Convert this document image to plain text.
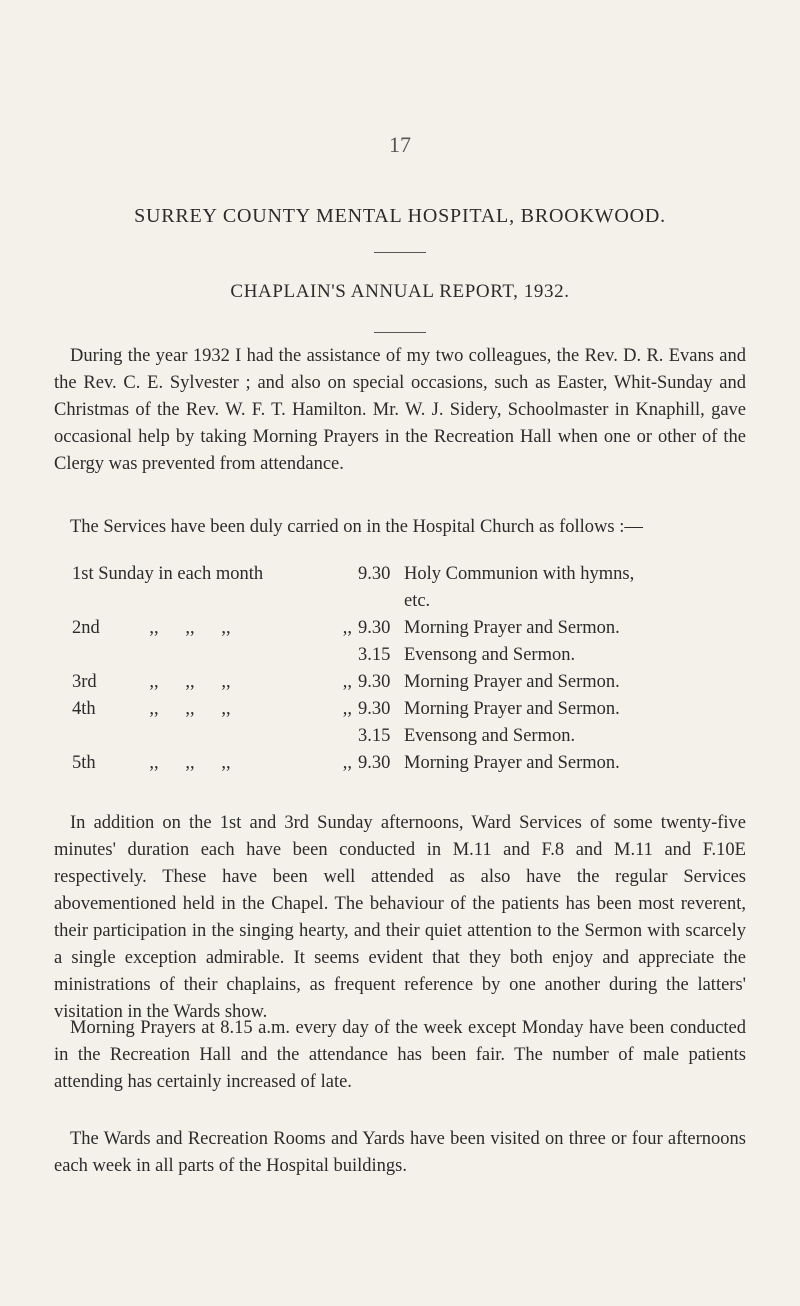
17
SURREY COUNTY MENTAL HOSPITAL, BROOKWOOD.
CHAPLAIN'S ANNUAL REPORT, 1932.

During the year 1932 I had the assistance of my two colleagues, the Rev. D. R. Evans and the Rev. C. E. Sylvester ; and also on special occasions, such as Easter, Whit-Sunday and Christmas of the Rev. W. F. T. Hamilton. Mr. W. J. Sidery, Schoolmaster in Knaphill, gave occasional help by taking Morning Prayers in the Recreation Hall when one or other of the Clergy was prevented from attendance.

The Services have been duly carried on in the Hospital Church as follows :—

1st Sunday in each month					9.30	Holy Communion with hymns,
						etc.
2nd	,,	,,	,,	,,	9.30	Morning Prayer and Sermon.
					3.15	Evensong and Sermon.
3rd	,,	,,	,,	,,	9.30	Morning Prayer and Sermon.
4th	,,	,,	,,	,,	9.30	Morning Prayer and Sermon.
					3.15	Evensong and Sermon.
5th	,,	,,	,,	,,	9.30	Morning Prayer and Sermon.

In addition on the 1st and 3rd Sunday afternoons, Ward Services of some twenty-five minutes' duration each have been conducted in M.11 and F.8 and M.11 and F.10E respectively. These have been well attended as also have the regular Services abovementioned held in the Chapel. The behaviour of the patients has been most reverent, their participation in the singing hearty, and their quiet attention to the Sermon with scarcely a single exception admirable. It seems evident that they both enjoy and appreciate the ministrations of their chaplains, as frequent reference by one another during the latters' visitation in the Wards show.

Morning Prayers at 8.15 a.m. every day of the week except Monday have been conducted in the Recreation Hall and the attendance has been fair. The number of male patients attending has certainly increased of late.

The Wards and Recreation Rooms and Yards have been visited on three or four afternoons each week in all parts of the Hospital buildings.
